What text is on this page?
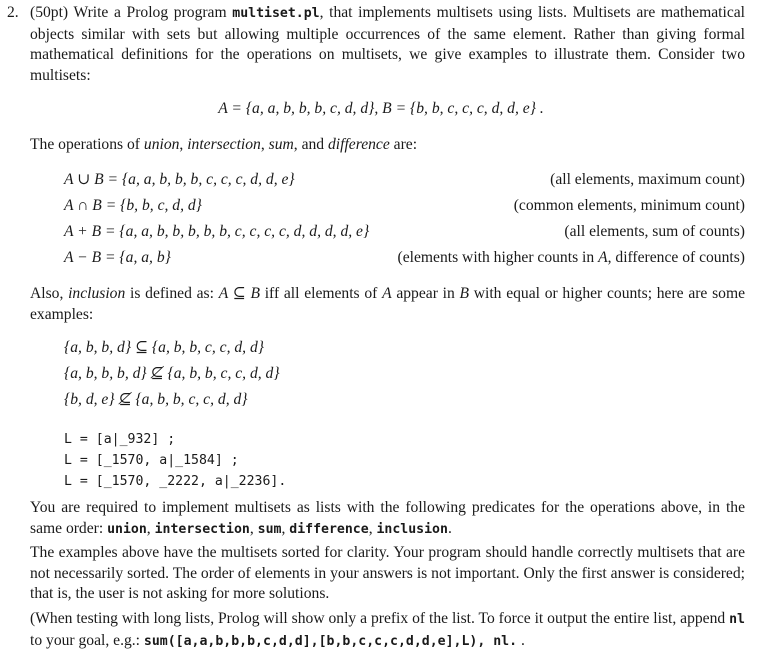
2. (50pt) Write a Prolog program multiset.pl, that implements multisets using lists. Multisets are mathematical objects similar with sets but allowing multiple occurrences of the same element. Rather than giving formal mathematical definitions for the operations on multisets, we give examples to illustrate them. Consider two multisets:
A = {a, a, b, b, b, c, d, d}, B = {b, b, c, c, c, d, d, e} .
The operations of union, intersection, sum, and difference are:
A ∪ B = {a, a, b, b, b, c, c, c, d, d, e}	(all elements, maximum count)
A ∩ B = {b, b, c, d, d}	(common elements, minimum count)
A + B = {a, a, b, b, b, b, b, c, c, c, c, d, d, d, d, e}	(all elements, sum of counts)
A − B = {a, a, b}	(elements with higher counts in A, difference of counts)
Also, inclusion is defined as: A ⊆ B iff all elements of A appear in B with equal or higher counts; here are some examples:
{a, b, b, d} ⊆ {a, b, b, c, c, d, d}
{a, b, b, b, d} ⊈ {a, b, b, c, c, d, d}
{b, d, e} ⊈ {a, b, b, c, c, d, d}
L = [a|_932] ;
L = [_1570, a|_1584] ;
L = [_1570, _2222, a|_2236].
You are required to implement multisets as lists with the following predicates for the operations above, in the same order: union, intersection, sum, difference, inclusion.
The examples above have the multisets sorted for clarity. Your program should handle correctly multisets that are not necessarily sorted. The order of elements in your answers is not important. Only the first answer is considered; that is, the user is not asking for more solutions.
(When testing with long lists, Prolog will show only a prefix of the list. To force it output the entire list, append nl to your goal, e.g.: sum([a,a,b,b,b,c,d,d],[b,b,c,c,c,d,d,e],L), nl. .
